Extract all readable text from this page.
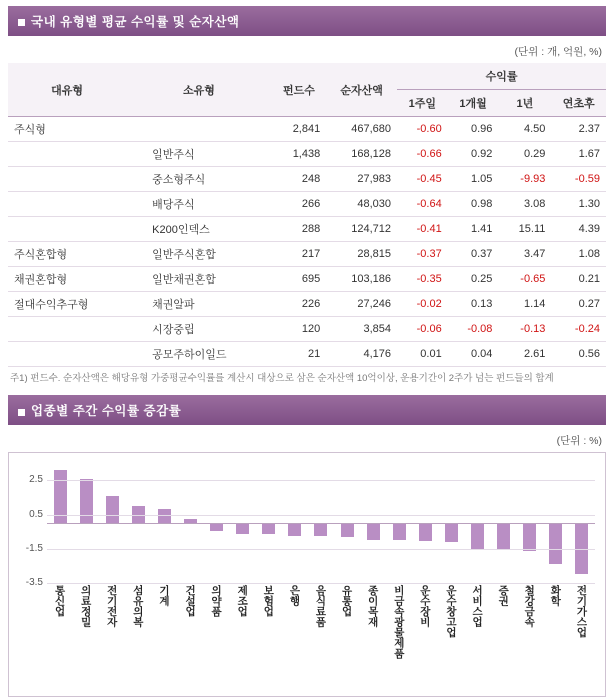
국내 유형별 평균 수익률 및 순자산액
(단위 : 개, 억원, %)
대유형	소유형	펀드수	순자산액	수익률			
				1주일	1개월	1년	연초후
주식형		2,841	467,680	-0.60	0.96	4.50	2.37
	일반주식	1,438	168,128	-0.66	0.92	0.29	1.67
	중소형주식	248	27,983	-0.45	1.05	-9.93	-0.59
	배당주식	266	48,030	-0.64	0.98	3.08	1.30
	K200인덱스	288	124,712	-0.41	1.41	15.11	4.39
주식혼합형	일반주식혼합	217	28,815	-0.37	0.37	3.47	1.08
채권혼합형	일반채권혼합	695	103,186	-0.35	0.25	-0.65	0.21
절대수익추구형	채권알파	226	27,246	-0.02	0.13	1.14	0.27
	시장중립	120	3,854	-0.06	-0.08	-0.13	-0.24
	공모주하이일드	21	4,176	0.01	0.04	2.61	0.56
주1) 펀드수. 순자산액은 해당유형 가중평균수익률를 계산시 대상으로 삼은 순자산액 10억이상, 운용기간이 2주가 넘는 펀드들의 합계
업종별 주간 수익률 증감률
(단위 : %)
2.5
0.5
-1.5
-3.5
통신업	의료정밀	전기전자	섬유의복	기계	건설업	의약품	제조업	보험업	은행	음식료품	유통업	종이목재	비금속광물제품	운수장비	운수창고업	서비스업	증권	철강금속	화학	전기가스업
